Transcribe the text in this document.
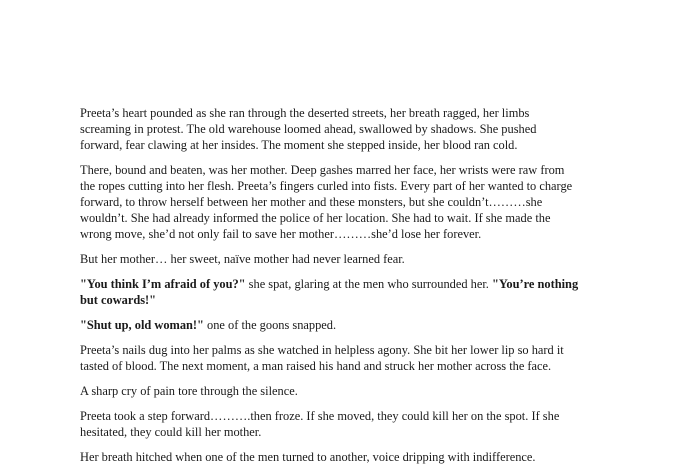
Preeta’s heart pounded as she ran through the deserted streets, her breath ragged, her limbs screaming in protest. The old warehouse loomed ahead, swallowed by shadows. She pushed forward, fear clawing at her insides. The moment she stepped inside, her blood ran cold.

There, bound and beaten, was her mother. Deep gashes marred her face, her wrists were raw from the ropes cutting into her flesh. Preeta’s fingers curled into fists. Every part of her wanted to charge forward, to throw herself between her mother and these monsters, but she couldn’t………she wouldn’t. She had already informed the police of her location. She had to wait. If she made the wrong move, she’d not only fail to save her mother………she’d lose her forever.

But her mother… her sweet, naïve mother had never learned fear.

"You think I’m afraid of you?" she spat, glaring at the men who surrounded her. "You’re nothing but cowards!"

"Shut up, old woman!" one of the goons snapped.

Preeta’s nails dug into her palms as she watched in helpless agony. She bit her lower lip so hard it tasted of blood. The next moment, a man raised his hand and struck her mother across the face.

A sharp cry of pain tore through the silence.

Preeta took a step forward……….then froze. If she moved, they could kill her on the spot. If she hesitated, they could kill her mother.

Her breath hitched when one of the men turned to another, voice dripping with indifference.
